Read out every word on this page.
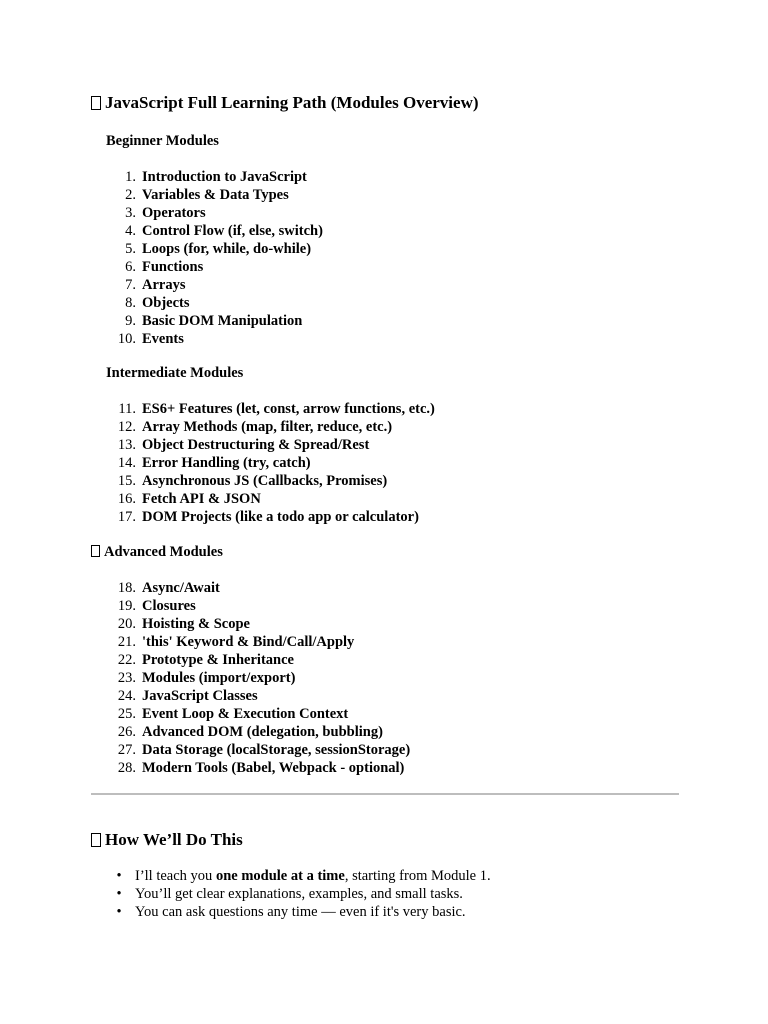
JavaScript Full Learning Path (Modules Overview)
Beginner Modules
1.
Introduction to JavaScript
2.
Variables & Data Types
3.
Operators
4.
Control Flow (if, else, switch)
5.
Loops (for, while, do-while)
6.
Functions
7.
Arrays
8.
Objects
9.
Basic DOM Manipulation
10.
Events
Intermediate Modules
11.
ES6+ Features (let, const, arrow functions, etc.)
12.
Array Methods (map, filter, reduce, etc.)
13.
Object Destructuring & Spread/Rest
14.
Error Handling (try, catch)
15.
Asynchronous JS (Callbacks, Promises)
16.
Fetch API & JSON
17.
DOM Projects (like a todo app or calculator)
Advanced Modules
18.
Async/Await
19.
Closures
20.
Hoisting & Scope
21.
'this' Keyword & Bind/Call/Apply
22.
Prototype & Inheritance
23.
Modules (import/export)
24.
JavaScript Classes
25.
Event Loop & Execution Context
26.
Advanced DOM (delegation, bubbling)
27.
Data Storage (localStorage, sessionStorage)
28.
Modern Tools (Babel, Webpack - optional)
How We’ll Do This
• I’ll teach you one module at a time, starting from Module 1.
• You’ll get clear explanations, examples, and small tasks.
• You can ask questions any time — even if it's very basic.
